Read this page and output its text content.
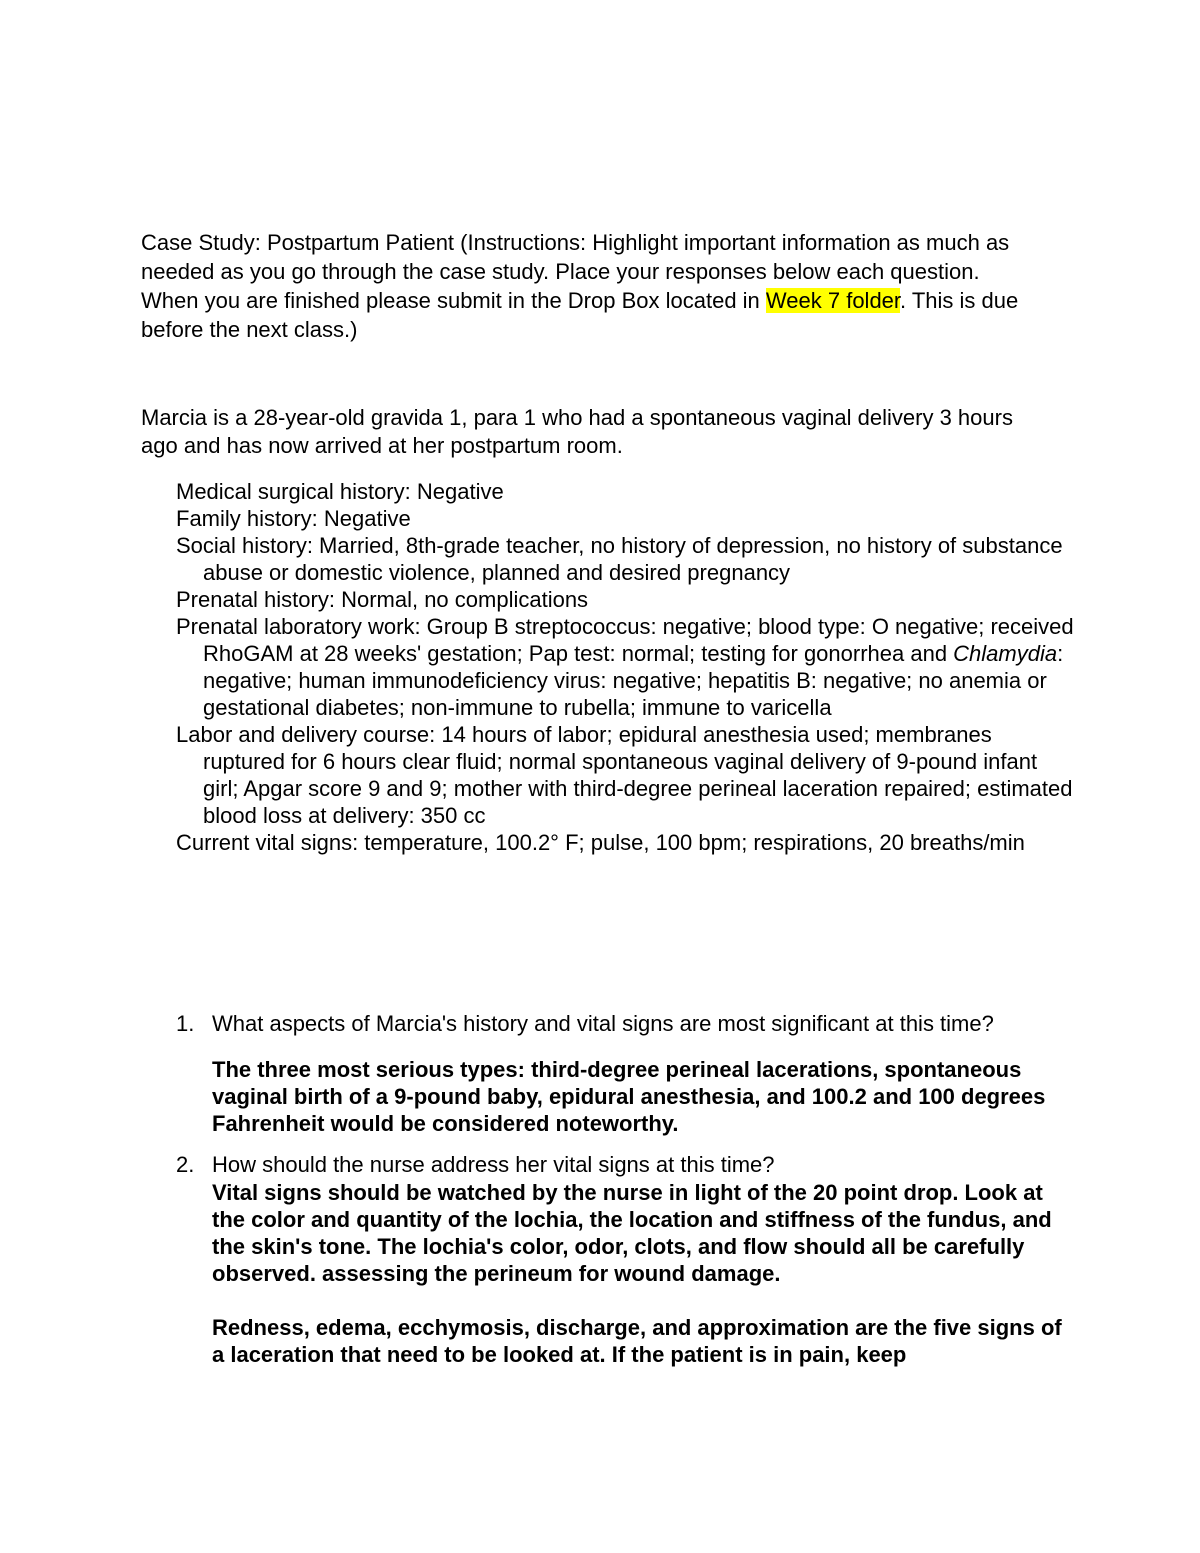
Case Study: Postpartum Patient (Instructions: Highlight important information as much as needed as you go through the case study. Place your responses below each question. When you are finished please submit in the Drop Box located in Week 7 folder. This is due before the next class.)
Marcia is a 28-year-old gravida 1, para 1 who had a spontaneous vaginal delivery 3 hours ago and has now arrived at her postpartum room.
Medical surgical history: Negative
Family history: Negative
Social history: Married, 8th-grade teacher, no history of depression, no history of substance abuse or domestic violence, planned and desired pregnancy
Prenatal history: Normal, no complications
Prenatal laboratory work: Group B streptococcus: negative; blood type: O negative; received RhoGAM at 28 weeks' gestation; Pap test: normal; testing for gonorrhea and Chlamydia: negative; human immunodeficiency virus: negative; hepatitis B: negative; no anemia or gestational diabetes; non-immune to rubella; immune to varicella
Labor and delivery course: 14 hours of labor; epidural anesthesia used; membranes ruptured for 6 hours clear fluid; normal spontaneous vaginal delivery of 9-pound infant girl; Apgar score 9 and 9; mother with third-degree perineal laceration repaired; estimated blood loss at delivery: 350 cc
Current vital signs: temperature, 100.2° F; pulse, 100 bpm; respirations, 20 breaths/min
1. What aspects of Marcia's history and vital signs are most significant at this time?
The three most serious types: third-degree perineal lacerations, spontaneous vaginal birth of a 9-pound baby, epidural anesthesia, and 100.2 and 100 degrees Fahrenheit would be considered noteworthy.
2. How should the nurse address her vital signs at this time?
Vital signs should be watched by the nurse in light of the 20 point drop. Look at the color and quantity of the lochia, the location and stiffness of the fundus, and the skin's tone. The lochia's color, odor, clots, and flow should all be carefully observed. assessing the perineum for wound damage.
Redness, edema, ecchymosis, discharge, and approximation are the five signs of a laceration that need to be looked at. If the patient is in pain, keep
